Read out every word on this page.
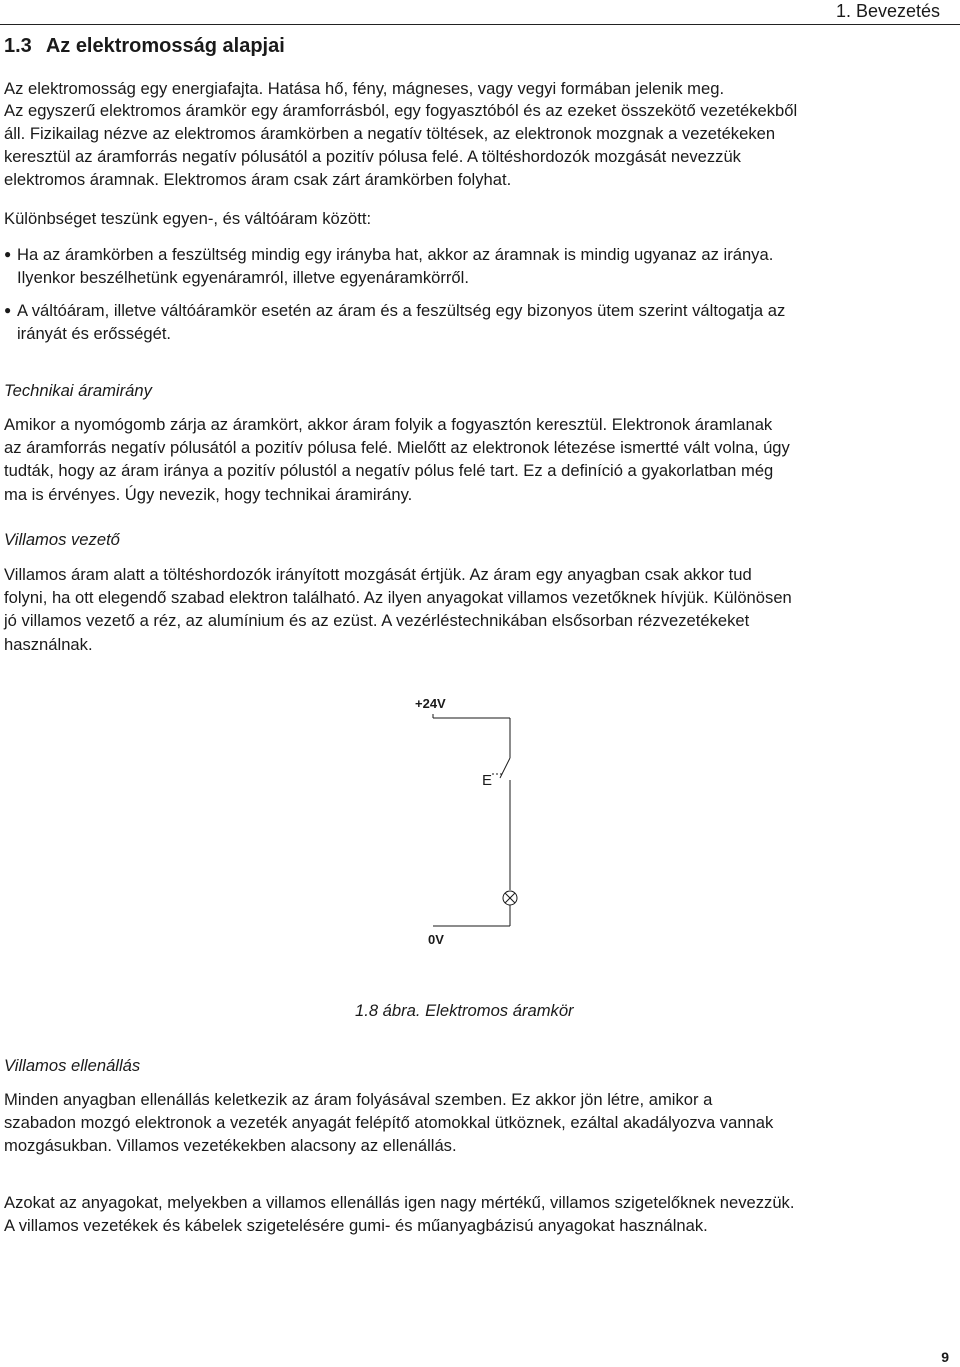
1. Bevezetés
1.3 Az elektromosság alapjai
Az elektromosság egy energiafajta. Hatása hő, fény, mágneses, vagy vegyi formában jelenik meg.
Az egyszerű elektromos áramkör egy áramforrásból, egy fogyasztóból és az ezeket összekötő vezetékekből
áll. Fizikailag nézve az elektromos áramkörben a negatív töltések, az elektronok mozgnak a vezetékeken
keresztül az áramforrás negatív pólusától a pozitív pólusa felé. A töltéshordozók mozgását nevezzük
elektromos áramnak. Elektromos áram csak zárt áramkörben folyhat.
Különbséget teszünk egyen-, és váltóáram között:
● Ha az áramkörben a feszültség mindig egy irányba hat, akkor az áramnak is mindig ugyanaz az iránya.
Ilyenkor beszélhetünk egyenáramról, illetve egyenáramkörről.
● A váltóáram, illetve váltóáramkör esetén az áram és a feszültség egy bizonyos ütem szerint váltogatja az
irányát és erősségét.
Technikai áramirány
Amikor a nyomógomb zárja az áramkört, akkor áram folyik a fogyasztón keresztül. Elektronok áramlanak
az áramforrás negatív pólusától a pozitív pólusa felé. Mielőtt az elektronok létezése ismertté vált volna, úgy
tudták, hogy az áram iránya a pozitív pólustól a negatív pólus felé tart. Ez a definíció a gyakorlatban még
ma is érvényes. Úgy nevezik, hogy technikai áramirány.
Villamos vezető
Villamos áram alatt a töltéshordozók irányított mozgását értjük. Az áram egy anyagban csak akkor tud
folyni, ha ott elegendő szabad elektron található. Az ilyen anyagokat villamos vezetőknek hívjük. Különösen
jó villamos vezető a réz, az alumínium és az ezüst. A vezérléstechnikában elsősorban rézvezetékeket
használnak.
+24V
E
0V
1.8 ábra. Elektromos áramkör
Villamos ellenállás
Minden anyagban ellenállás keletkezik az áram folyásával szemben. Ez akkor jön létre, amikor a
szabadon mozgó elektronok a vezeték anyagát felépítő atomokkal ütköznek, ezáltal akadályozva vannak
mozgásukban. Villamos vezetékekben alacsony az ellenállás.
Azokat az anyagokat, melyekben a villamos ellenállás igen nagy mértékű, villamos szigetelőknek nevezzük.
A villamos vezetékek és kábelek szigetelésére gumi- és műanyagbázisú anyagokat használnak.
9
